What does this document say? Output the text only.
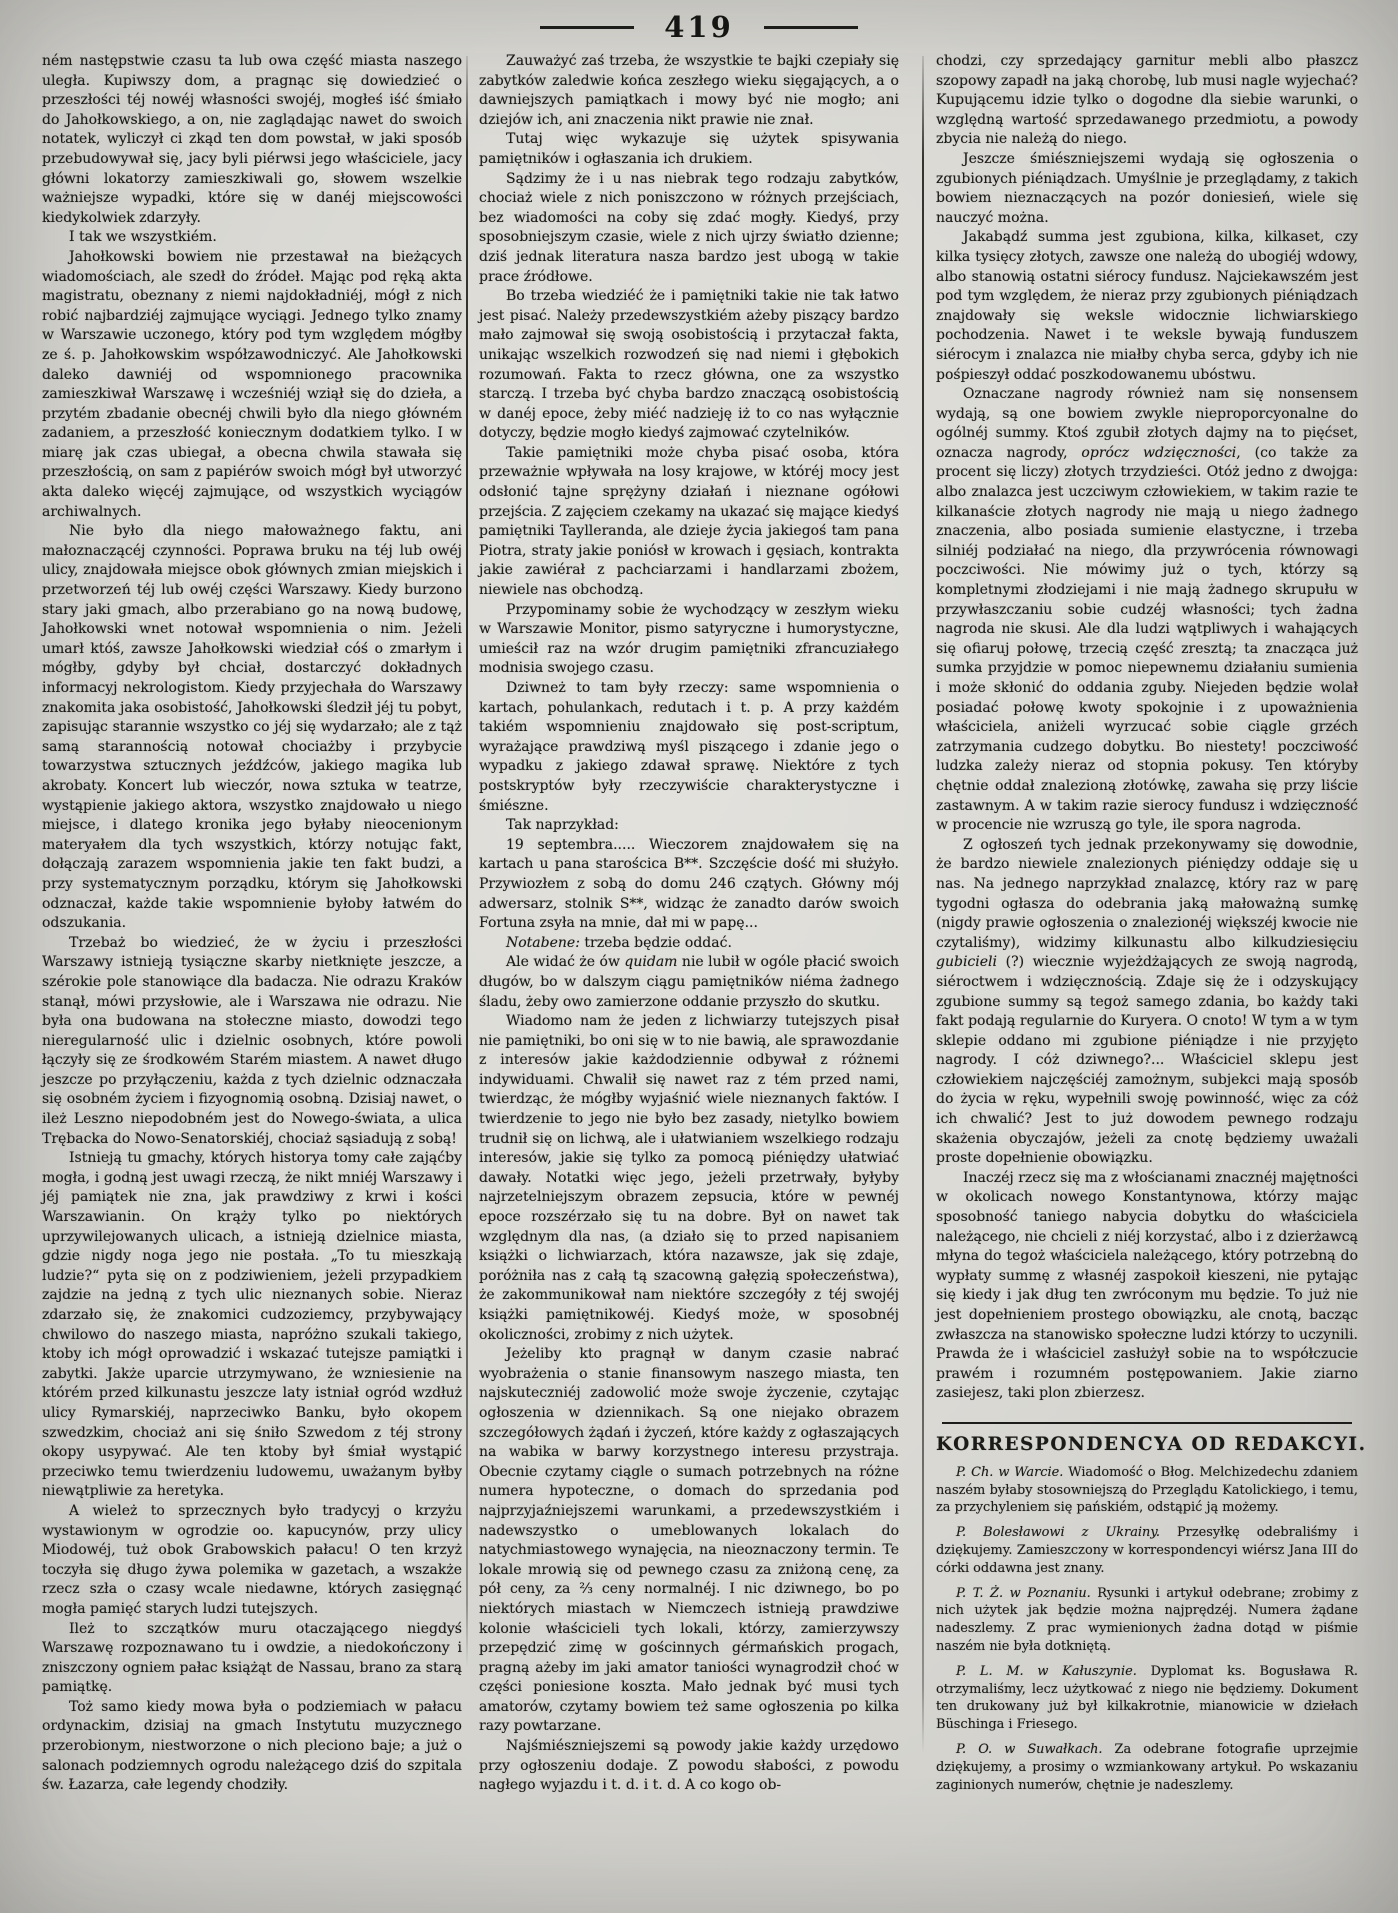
419

ném następstwie czasu ta lub owa część miasta naszego uległa. Kupiwszy dom, a pragnąc się dowiedzieć o przeszłości téj nowéj własności swojéj, mogłeś iść śmiało do Jahołkowskiego, a on, nie zaglądając nawet do swoich notatek, wyliczył ci zkąd ten dom powstał, w jaki sposób przebudowywał się, jacy byli piérwsi jego właściciele, jacy główni lokatorzy zamieszkiwali go, słowem wszelkie ważniejsze wypadki, które się w danéj miejscowości kiedykolwiek zdarzyły.

I tak we wszystkiém.

Jahołkowski bowiem nie przestawał na bieżących wiadomościach, ale szedł do źródeł. Mając pod ręką akta magistratu, obeznany z niemi najdokładniéj, mógł z nich robić najbardziéj zajmujące wyciągi. Jednego tylko znamy w Warszawie uczonego, który pod tym względem mógłby ze ś. p. Jahołkowskim współzawodniczyć. Ale Jahołkowski daleko dawniéj od wspomnionego pracownika zamieszkiwał Warszawę i wcześniéj wziął się do dzieła, a przytém zbadanie obecnéj chwili było dla niego główném zadaniem, a przeszłość koniecznym dodatkiem tylko. I w miarę jak czas ubiegał, a obecna chwila stawała się przeszłością, on sam z papiérów swoich mógł był utworzyć akta daleko więcéj zajmujące, od wszystkich wyciągów archiwalnych.

Nie było dla niego małoważnego faktu, ani małoznaczącéj czynności. Poprawa bruku na téj lub owéj ulicy, znajdowała miejsce obok głównych zmian miejskich i przetworzeń téj lub owéj części Warszawy. Kiedy burzono stary jaki gmach, albo przerabiano go na nową budowę, Jahołkowski wnet notował wspomnienia o nim. Jeżeli umarł któś, zawsze Jahołkowski wiedział cóś o zmarłym i mógłby, gdyby był chciał, dostarczyć dokładnych informacyj nekrologistom. Kiedy przyjechała do Warszawy znakomita jaka osobistość, Jahołkowski śledził jéj tu pobyt, zapisując starannie wszystko co jéj się wydarzało; ale z tąż samą starannością notował chociażby i przybycie towarzystwa sztucznych jeźdźców, jakiego magika lub akrobaty. Koncert lub wieczór, nowa sztuka w teatrze, wystąpienie jakiego aktora, wszystko znajdowało u niego miejsce, i dlatego kronika jego byłaby nieocenionym materyałem dla tych wszystkich, którzy notując fakt, dołączają zarazem wspomnienia jakie ten fakt budzi, a przy systematycznym porządku, którym się Jahołkowski odznaczał, każde takie wspomnienie byłoby łatwém do odszukania.

Trzebaż bo wiedzieć, że w życiu i przeszłości Warszawy istnieją tysiączne skarby nietknięte jeszcze, a szérokie pole stanowiące dla badacza. Nie odrazu Kraków stanął, mówi przysłowie, ale i Warszawa nie odrazu. Nie była ona budowana na stołeczne miasto, dowodzi tego nieregularność ulic i dzielnic osobnych, które powoli łączyły się ze środkowém Starém miastem. A nawet długo jeszcze po przyłączeniu, każda z tych dzielnic odznaczała się osobném życiem i fizyognomią osobną. Dzisiaj nawet, o ileż Leszno niepodobném jest do Nowego-świata, a ulica Trębacka do Nowo-Senatorskiéj, chociaż sąsiadują z sobą!

Istnieją tu gmachy, których historya tomy całe zająćby mogła, i godną jest uwagi rzeczą, że nikt mniéj Warszawy i jéj pamiątek nie zna, jak prawdziwy z krwi i kości Warszawianin. On krąży tylko po niektórych uprzywilejowanych ulicach, a istnieją dzielnice miasta, gdzie nigdy noga jego nie postała. „To tu mieszkają ludzie?“ pyta się on z podziwieniem, jeżeli przypadkiem zajdzie na jedną z tych ulic nieznanych sobie. Nieraz zdarzało się, że znakomici cudzoziemcy, przybywający chwilowo do naszego miasta, napróżno szukali takiego, ktoby ich mógł oprowadzić i wskazać tutejsze pamiątki i zabytki. Jakże uparcie utrzymywano, że wzniesienie na którém przed kilkunastu jeszcze laty istniał ogród wzdłuż ulicy Rymarskiéj, naprzeciwko Banku, było okopem szwedzkim, chociaż ani się śniło Szwedom z téj strony okopy usypywać. Ale ten ktoby był śmiał wystąpić przeciwko temu twierdzeniu ludowemu, uważanym byłby niewątpliwie za heretyka.

A wieleż to sprzecznych było tradycyj o krzyżu wystawionym w ogrodzie oo. kapucynów, przy ulicy Miodowéj, tuż obok Grabowskich pałacu! O ten krzyż toczyła się długo żywa polemika w gazetach, a wszakże rzecz szła o czasy wcale niedawne, których zasięgnąć mogła pamięć starych ludzi tutejszych.

Ileż to szczątków muru otaczającego niegdyś Warszawę rozpoznawano tu i owdzie, a niedokończony i zniszczony ogniem pałac książąt de Nassau, brano za starą pamiątkę.

Toż samo kiedy mowa była o podziemiach w pałacu ordynackim, dzisiaj na gmach Instytutu muzycznego przerobionym, niestworzone o nich pleciono baje; a już o salonach podziemnych ogrodu należącego dziś do szpitala św. Łazarza, całe legendy chodziły.

Zauważyć zaś trzeba, że wszystkie te bajki czepiały się zabytków zaledwie końca zeszłego wieku sięgających, a o dawniejszych pamiątkach i mowy być nie mogło; ani dziejów ich, ani znaczenia nikt prawie nie znał.

Tutaj więc wykazuje się użytek spisywania pamiętników i ogłaszania ich drukiem.

Sądzimy że i u nas niebrak tego rodzaju zabytków, chociaż wiele z nich poniszczono w różnych przejściach, bez wiadomości na coby się zdać mogły. Kiedyś, przy sposobniejszym czasie, wiele z nich ujrzy światło dzienne; dziś jednak literatura nasza bardzo jest ubogą w takie prace źródłowe.

Bo trzeba wiedziéć że i pamiętniki takie nie tak łatwo jest pisać. Należy przedewszystkiém ażeby piszący bardzo mało zajmował się swoją osobistością i przytaczał fakta, unikając wszelkich rozwodzeń się nad niemi i głębokich rozumowań. Fakta to rzecz główna, one za wszystko starczą. I trzeba być chyba bardzo znaczącą osobistością w danéj epoce, żeby miéć nadzieję iż to co nas wyłącznie dotyczy, będzie mogło kiedyś zajmować czytelników.

Takie pamiętniki może chyba pisać osoba, która przeważnie wpływała na losy krajowe, w któréj mocy jest odsłonić tajne sprężyny działań i nieznane ogółowi przejścia. Z zajęciem czekamy na ukazać się mające kiedyś pamiętniki Taylleranda, ale dzieje życia jakiegoś tam pana Piotra, straty jakie poniósł w krowach i gęsiach, kontrakta jakie zawiérał z pachciarzami i handlarzami zbożem, niewiele nas obchodzą.

Przypominamy sobie że wychodzący w zeszłym wieku w Warszawie Monitor, pismo satyryczne i humorystyczne, umieścił raz na wzór drugim pamiętniki zfrancuziałego modnisia swojego czasu.

Dziwneż to tam były rzeczy: same wspomnienia o kartach, pohulankach, redutach i t. p. A przy każdém takiém wspomnieniu znajdowało się post-scriptum, wyrażające prawdziwą myśl piszącego i zdanie jego o wypadku z jakiego zdawał sprawę. Niektóre z tych postskryptów były rzeczywiście charakterystyczne i śmiészne.

Tak naprzykład:

19 septembra..... Wieczorem znajdowałem się na kartach u pana starościca B**. Szczęście dość mi służyło. Przywiozłem z sobą do domu 246 czątych. Główny mój adwersarz, stolnik S**, widząc że zanadto darów swoich Fortuna zsyła na mnie, dał mi w papę...

Notabene: trzeba będzie oddać.

Ale widać że ów quidam nie lubił w ogóle płacić swoich długów, bo w dalszym ciągu pamiętników niéma żadnego śladu, żeby owo zamierzone oddanie przyszło do skutku.

Wiadomo nam że jeden z lichwiarzy tutejszych pisał nie pamiętniki, bo oni się w to nie bawią, ale sprawozdanie z interesów jakie każdodziennie odbywał z różnemi indywiduami. Chwalił się nawet raz z tém przed nami, twierdząc, że mógłby wyjaśnić wiele nieznanych faktów. I twierdzenie to jego nie było bez zasady, nietylko bowiem trudnił się on lichwą, ale i ułatwianiem wszelkiego rodzaju interesów, jakie się tylko za pomocą piéniędzy ułatwiać dawały. Notatki więc jego, jeżeli przetrwały, byłyby najrzetelniejszym obrazem zepsucia, które w pewnéj epoce rozszérzało się tu na dobre. Był on nawet tak względnym dla nas, (a działo się to przed napisaniem książki o lichwiarzach, która nazawsze, jak się zdaje, poróżniła nas z całą tą szacowną gałęzią społeczeństwa), że zakommunikował nam niektóre szczegóły z téj swojéj książki pamiętnikowéj. Kiedyś może, w sposobnéj okoliczności, zrobimy z nich użytek.

Jeżeliby kto pragnął w danym czasie nabrać wyobrażenia o stanie finansowym naszego miasta, ten najskuteczniéj zadowolić może swoje życzenie, czytając ogłoszenia w dziennikach. Są one niejako obrazem szczegółowych żądań i życzeń, które każdy z ogłaszających na wabika w barwy korzystnego interesu przystraja. Obecnie czytamy ciągle o sumach potrzebnych na różne numera hypoteczne, o domach do sprzedania pod najprzyjaźniejszemi warunkami, a przedewszystkiém i nadewszystko o umeblowanych lokalach do natychmiastowego wynajęcia, na nieoznaczony termin. Te lokale mrowią się od pewnego czasu za zniżoną cenę, za pół ceny, za ⅔ ceny normalnéj. I nic dziwnego, bo po niektórych miastach w Niemczech istnieją prawdziwe kolonie właścicieli tych lokali, którzy, zamierzywszy przepędzić zimę w gościnnych gérmańskich progach, pragną ażeby im jaki amator taniości wynagrodził choć w części poniesione koszta. Mało jednak być musi tych amatorów, czytamy bowiem też same ogłoszenia po kilka razy powtarzane.

Najśmiészniejszemi są powody jakie każdy urzędowo przy ogłoszeniu dodaje. Z powodu słabości, z powodu nagłego wyjazdu i t. d. i t. d. A co kogo ob-

chodzi, czy sprzedający garnitur mebli albo płaszcz szopowy zapadł na jaką chorobę, lub musi nagle wyjechać? Kupującemu idzie tylko o dogodne dla siebie warunki, o względną wartość sprzedawanego przedmiotu, a powody zbycia nie należą do niego.

Jeszcze śmiészniejszemi wydają się ogłoszenia o zgubionych piéniądzach. Umyślnie je przeglądamy, z takich bowiem nieznaczących na pozór doniesień, wiele się nauczyć można.

Jakabądź summa jest zgubiona, kilka, kilkaset, czy kilka tysięcy złotych, zawsze one należą do ubogiéj wdowy, albo stanowią ostatni siérocy fundusz. Najciekawszém jest pod tym względem, że nieraz przy zgubionych piéniądzach znajdowały się weksle widocznie lichwiarskiego pochodzenia. Nawet i te weksle bywają funduszem siérocym i znalazca nie miałby chyba serca, gdyby ich nie pośpieszył oddać poszkodowanemu ubóstwu.

Oznaczane nagrody również nam się nonsensem wydają, są one bowiem zwykle nieproporcyonalne do ogólnéj summy. Ktoś zgubił złotych dajmy na to pięćset, oznacza nagrody, oprócz wdzięczności, (co także za procent się liczy) złotych trzydzieści. Otóż jedno z dwojga: albo znalazca jest uczciwym człowiekiem, w takim razie te kilkanaście złotych nagrody nie mają u niego żadnego znaczenia, albo posiada sumienie elastyczne, i trzeba silniéj podziałać na niego, dla przywrócenia równowagi poczciwości. Nie mówimy już o tych, którzy są kompletnymi złodziejami i nie mają żadnego skrupułu w przywłaszczaniu sobie cudzéj własności; tych żadna nagroda nie skusi. Ale dla ludzi wątpliwych i wahających się ofiaruj połowę, trzecią część zresztą; ta znacząca już sumka przyjdzie w pomoc niepewnemu działaniu sumienia i może skłonić do oddania zguby. Niejeden będzie wolał posiadać połowę kwoty spokojnie i z upoważnienia właściciela, aniżeli wyrzucać sobie ciągle grzéch zatrzymania cudzego dobytku. Bo niestety! poczciwość ludzka zależy nieraz od stopnia pokusy. Ten któryby chętnie oddał znalezioną złotówkę, zawaha się przy liście zastawnym. A w takim razie sierocy fundusz i wdzięczność w procencie nie wzruszą go tyle, ile spora nagroda.

Z ogłoszeń tych jednak przekonywamy się dowodnie, że bardzo niewiele znalezionych piéniędzy oddaje się u nas. Na jednego naprzykład znalazcę, który raz w parę tygodni ogłasza do odebrania jaką małoważną sumkę (nigdy prawie ogłoszenia o znalezionéj większéj kwocie nie czytaliśmy), widzimy kilkunastu albo kilkudziesięciu gubicieli (?) wiecznie wyjeżdżających ze swoją nagrodą, siéroctwem i wdzięcznością. Zdaje się że i odzyskujący zgubione summy są tegoż samego zdania, bo każdy taki fakt podają regularnie do Kuryera. O cnoto! W tym a w tym sklepie oddano mi zgubione piéniądze i nie przyjęto nagrody. I cóż dziwnego?... Właściciel sklepu jest człowiekiem najczęściéj zamożnym, subjekci mają sposób do życia w ręku, wypełnili swoję powinność, więc za cóż ich chwalić? Jest to już dowodem pewnego rodzaju skażenia obyczajów, jeżeli za cnotę będziemy uważali proste dopełnienie obowiązku.

Inaczéj rzecz się ma z włościanami znacznéj majętności w okolicach nowego Konstantynowa, którzy mając sposobność taniego nabycia dobytku do właściciela należącego, nie chcieli z niéj korzystać, albo i z dzierżawcą młyna do tegoż właściciela należącego, który potrzebną do wypłaty summę z własnéj zaspokoił kieszeni, nie pytając się kiedy i jak dług ten zwróconym mu będzie. To już nie jest dopełnieniem prostego obowiązku, ale cnotą, bacząc zwłaszcza na stanowisko społeczne ludzi którzy to uczynili. Prawda że i właściciel zasłużył sobie na to współczucie prawém i rozumném postępowaniem. Jakie ziarno zasiejesz, taki plon zbierzesz.

KORRESPONDENCYA OD REDAKCYI.

P. Ch. w Warcie. Wiadomość o Błog. Melchizedechu zdaniem naszém byłaby stosowniejszą do Przeglądu Katolickiego, i temu, za przychyleniem się pańskiém, odstąpić ją możemy.

P. Bolesławowi z Ukrainy. Przesyłkę odebraliśmy i dziękujemy. Zamieszczony w korrespondencyi wiérsz Jana III do córki oddawna jest znany.

P. T. Ż. w Poznaniu. Rysunki i artykuł odebrane; zrobimy z nich użytek jak będzie można najprędzéj. Numera żądane nadeszlemy. Z prac wymienionych żadna dotąd w piśmie naszém nie była dotkniętą.

P. L. M. w Kałuszynie. Dyplomat ks. Bogusława R. otrzymaliśmy, lecz użytkować z niego nie będziemy. Dokument ten drukowany już był kilkakrotnie, mianowicie w dziełach Büschinga i Friesego.

P. O. w Suwałkach. Za odebrane fotografie uprzejmie dziękujemy, a prosimy o wzmiankowany artykuł. Po wskazaniu zaginionych numerów, chętnie je nadeszlemy.
